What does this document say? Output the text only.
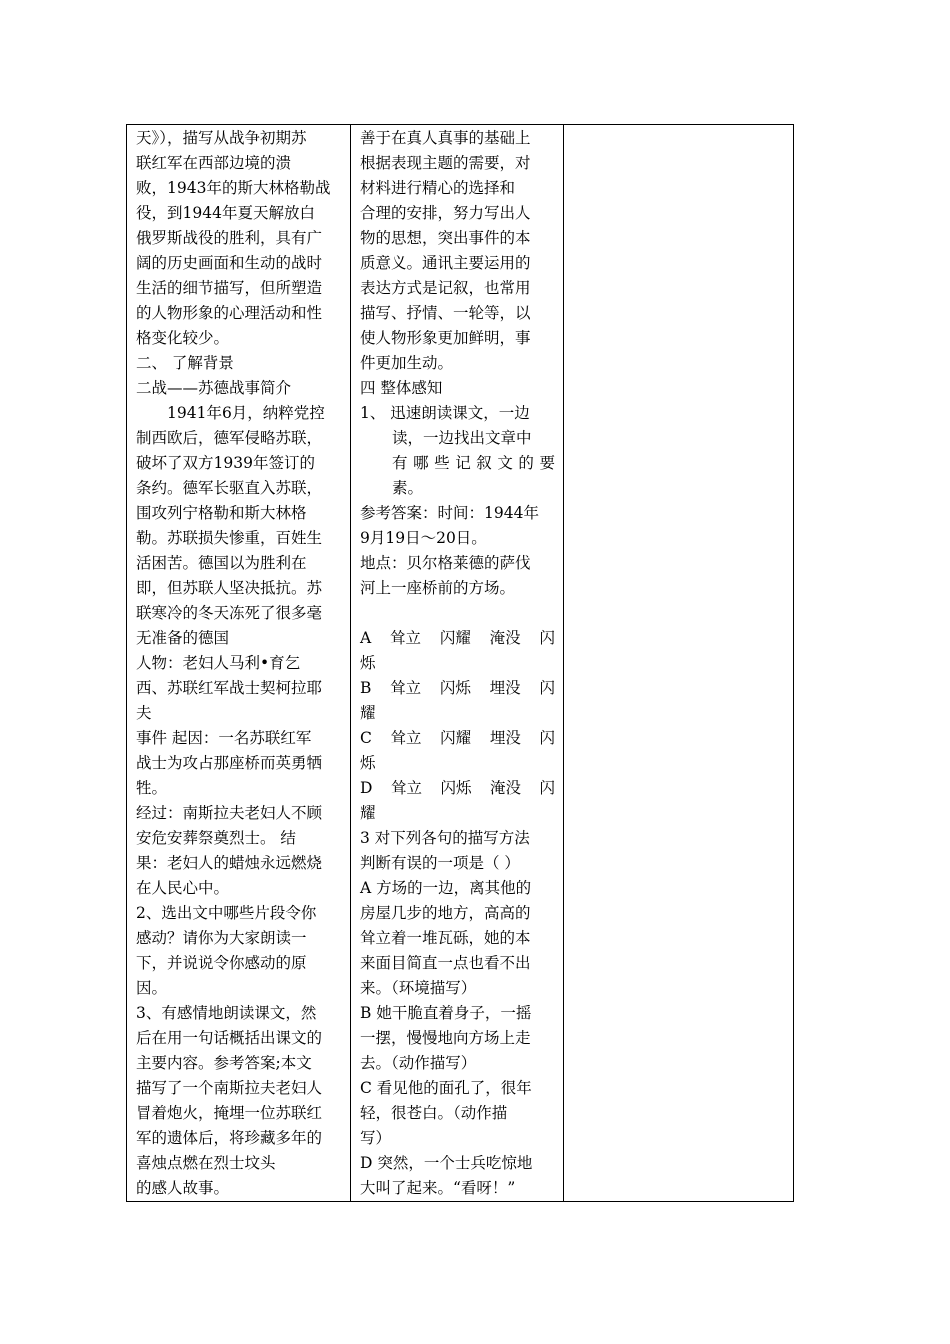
天》），描写从战争初期苏

联红军在西部边境的溃

败，1943年的斯大林格勒战

役，到1944年夏天解放白

俄罗斯战役的胜利，具有广

阔的历史画面和生动的战时

生活的细节描写，但所塑造

的人物形象的心理活动和性

格变化较少。

二、 了解背景

二战——苏德战事简介

1941年6月，纳粹党控

制西欧后，德军侵略苏联，

破坏了双方1939年签订的

条约。德军长驱直入苏联，

围攻列宁格勒和斯大林格

勒。苏联损失惨重，百姓生

活困苦。德国以为胜利在

即，但苏联人坚决抵抗。苏

联寒冷的冬天冻死了很多毫

无准备的德国

人物：老妇人马利•育乞

西、苏联红军战士契柯拉耶

夫

事件 起因：一名苏联红军

战士为攻占那座桥而英勇牺

牲。

经过：南斯拉夫老妇人不顾

安危安葬祭奠烈士。 结

果：老妇人的蜡烛永远燃烧

在人民心中。

2、选出文中哪些片段令你

感动？请你为大家朗读一

下，并说说令你感动的原

因。

3、有感情地朗读课文，然

后在用一句话概括出课文的

主要内容。参考答案;本文

描写了一个南斯拉夫老妇人

冒着炮火，掩埋一位苏联红

军的遗体后，将珍藏多年的

喜烛点燃在烈士坟头

的感人故事。

善于在真人真事的基础上

根据表现主题的需要，对

材料进行精心的选择和

合理的安排，努力写出人

物的思想，突出事件的本

质意义。通讯主要运用的

表达方式是记叙，也常用

描写、抒情、一轮等，以

使人物形象更加鲜明，事

件更加生动。

四 整体感知

1、 迅速朗读课文，一边

读，一边找出文章中

有哪些记叙文的要

素。

参考答案：时间：1944年

9月19日～20日。

地点：贝尔格莱德的萨伐

河上一座桥前的方场。

A 耸立 闪耀 淹没 闪

烁

B 耸立 闪烁 埋没 闪

耀

C 耸立 闪耀 埋没 闪

烁

D 耸立 闪烁 淹没 闪

耀

3 对下列各句的描写方法

判断有误的一项是（ ）

A 方场的一边，离其他的

房屋几步的地方，高高的

耸立着一堆瓦砾，她的本

来面目简直一点也看不出

来。（环境描写）

B 她干脆直着身子，一摇

一摆，慢慢地向方场上走

去。（动作描写）

C 看见他的面孔了，很年

轻，很苍白。（动作描

写）

D 突然，一个士兵吃惊地

大叫了起来。“看呀！”
